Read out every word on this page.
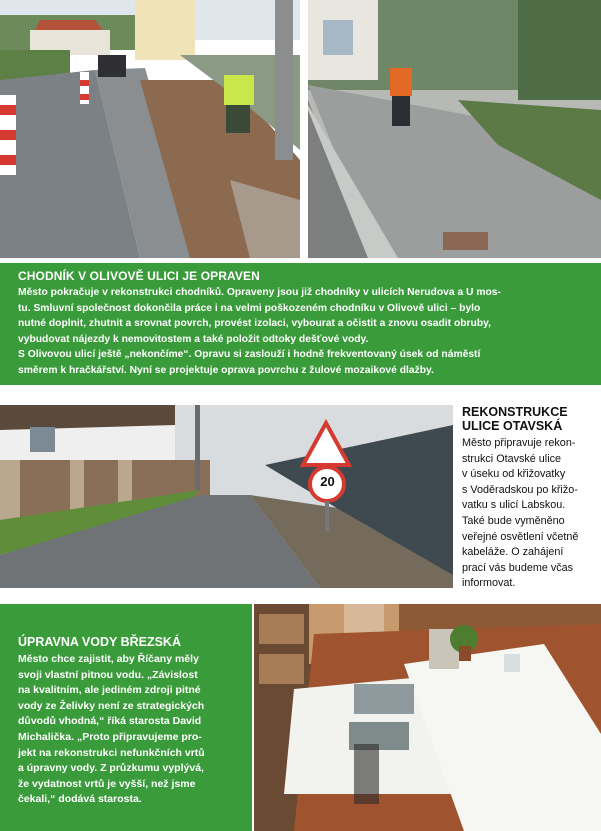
CHODNÍK V OLIVOVĚ ULICI JE OPRAVEN

Město pokračuje v rekonstrukci chodníků. Opraveny jsou již chodníky v ulicích Nerudova a U mos-

tu. Smluvní společnost dokončila práce i na velmi poškozeném chodníku v Olivově ulici – bylo

nutné doplnit, zhutnit a srovnat povrch, provést izolaci, vybourat a očistit a znovu osadit obruby,

vybudovat nájezdy k nemovitostem a také položit odtoky dešťové vody.

S Olivovou ulicí ještě „nekončíme“. Opravu si zaslouží i hodně frekventovaný úsek od náměstí

směrem k hračkářství. Nyní se projektuje oprava povrchu z žulové mozaikové dlažby.

20
REKONSTRUKCE
ULICE OTAVSKÁ

Město připravuje rekon-

strukci Otavské ulice

v úseku od křižovatky

s Voděradskou po křižo-

vatku s ulicí Labskou.

Také bude vyměněno

veřejné osvětlení včetně

kabeláže. O zahájení

prací vás budeme včas

informovat.

ÚPRAVNA VODY BŘEZSKÁ

Město chce zajistit, aby Říčany měly

svoji vlastní pitnou vodu. „Závislost

na kvalitním, ale jediném zdroji pitné

vody ze Želivky není ze strategických

důvodů vhodná,“ říká starosta David

Michalička. „Proto připravujeme pro-

jekt na rekonstrukci nefunkčních vrtů

a úpravny vody. Z průzkumu vyplývá,

že vydatnost vrtů je vyšší, než jsme

čekali,“ dodává starosta.
